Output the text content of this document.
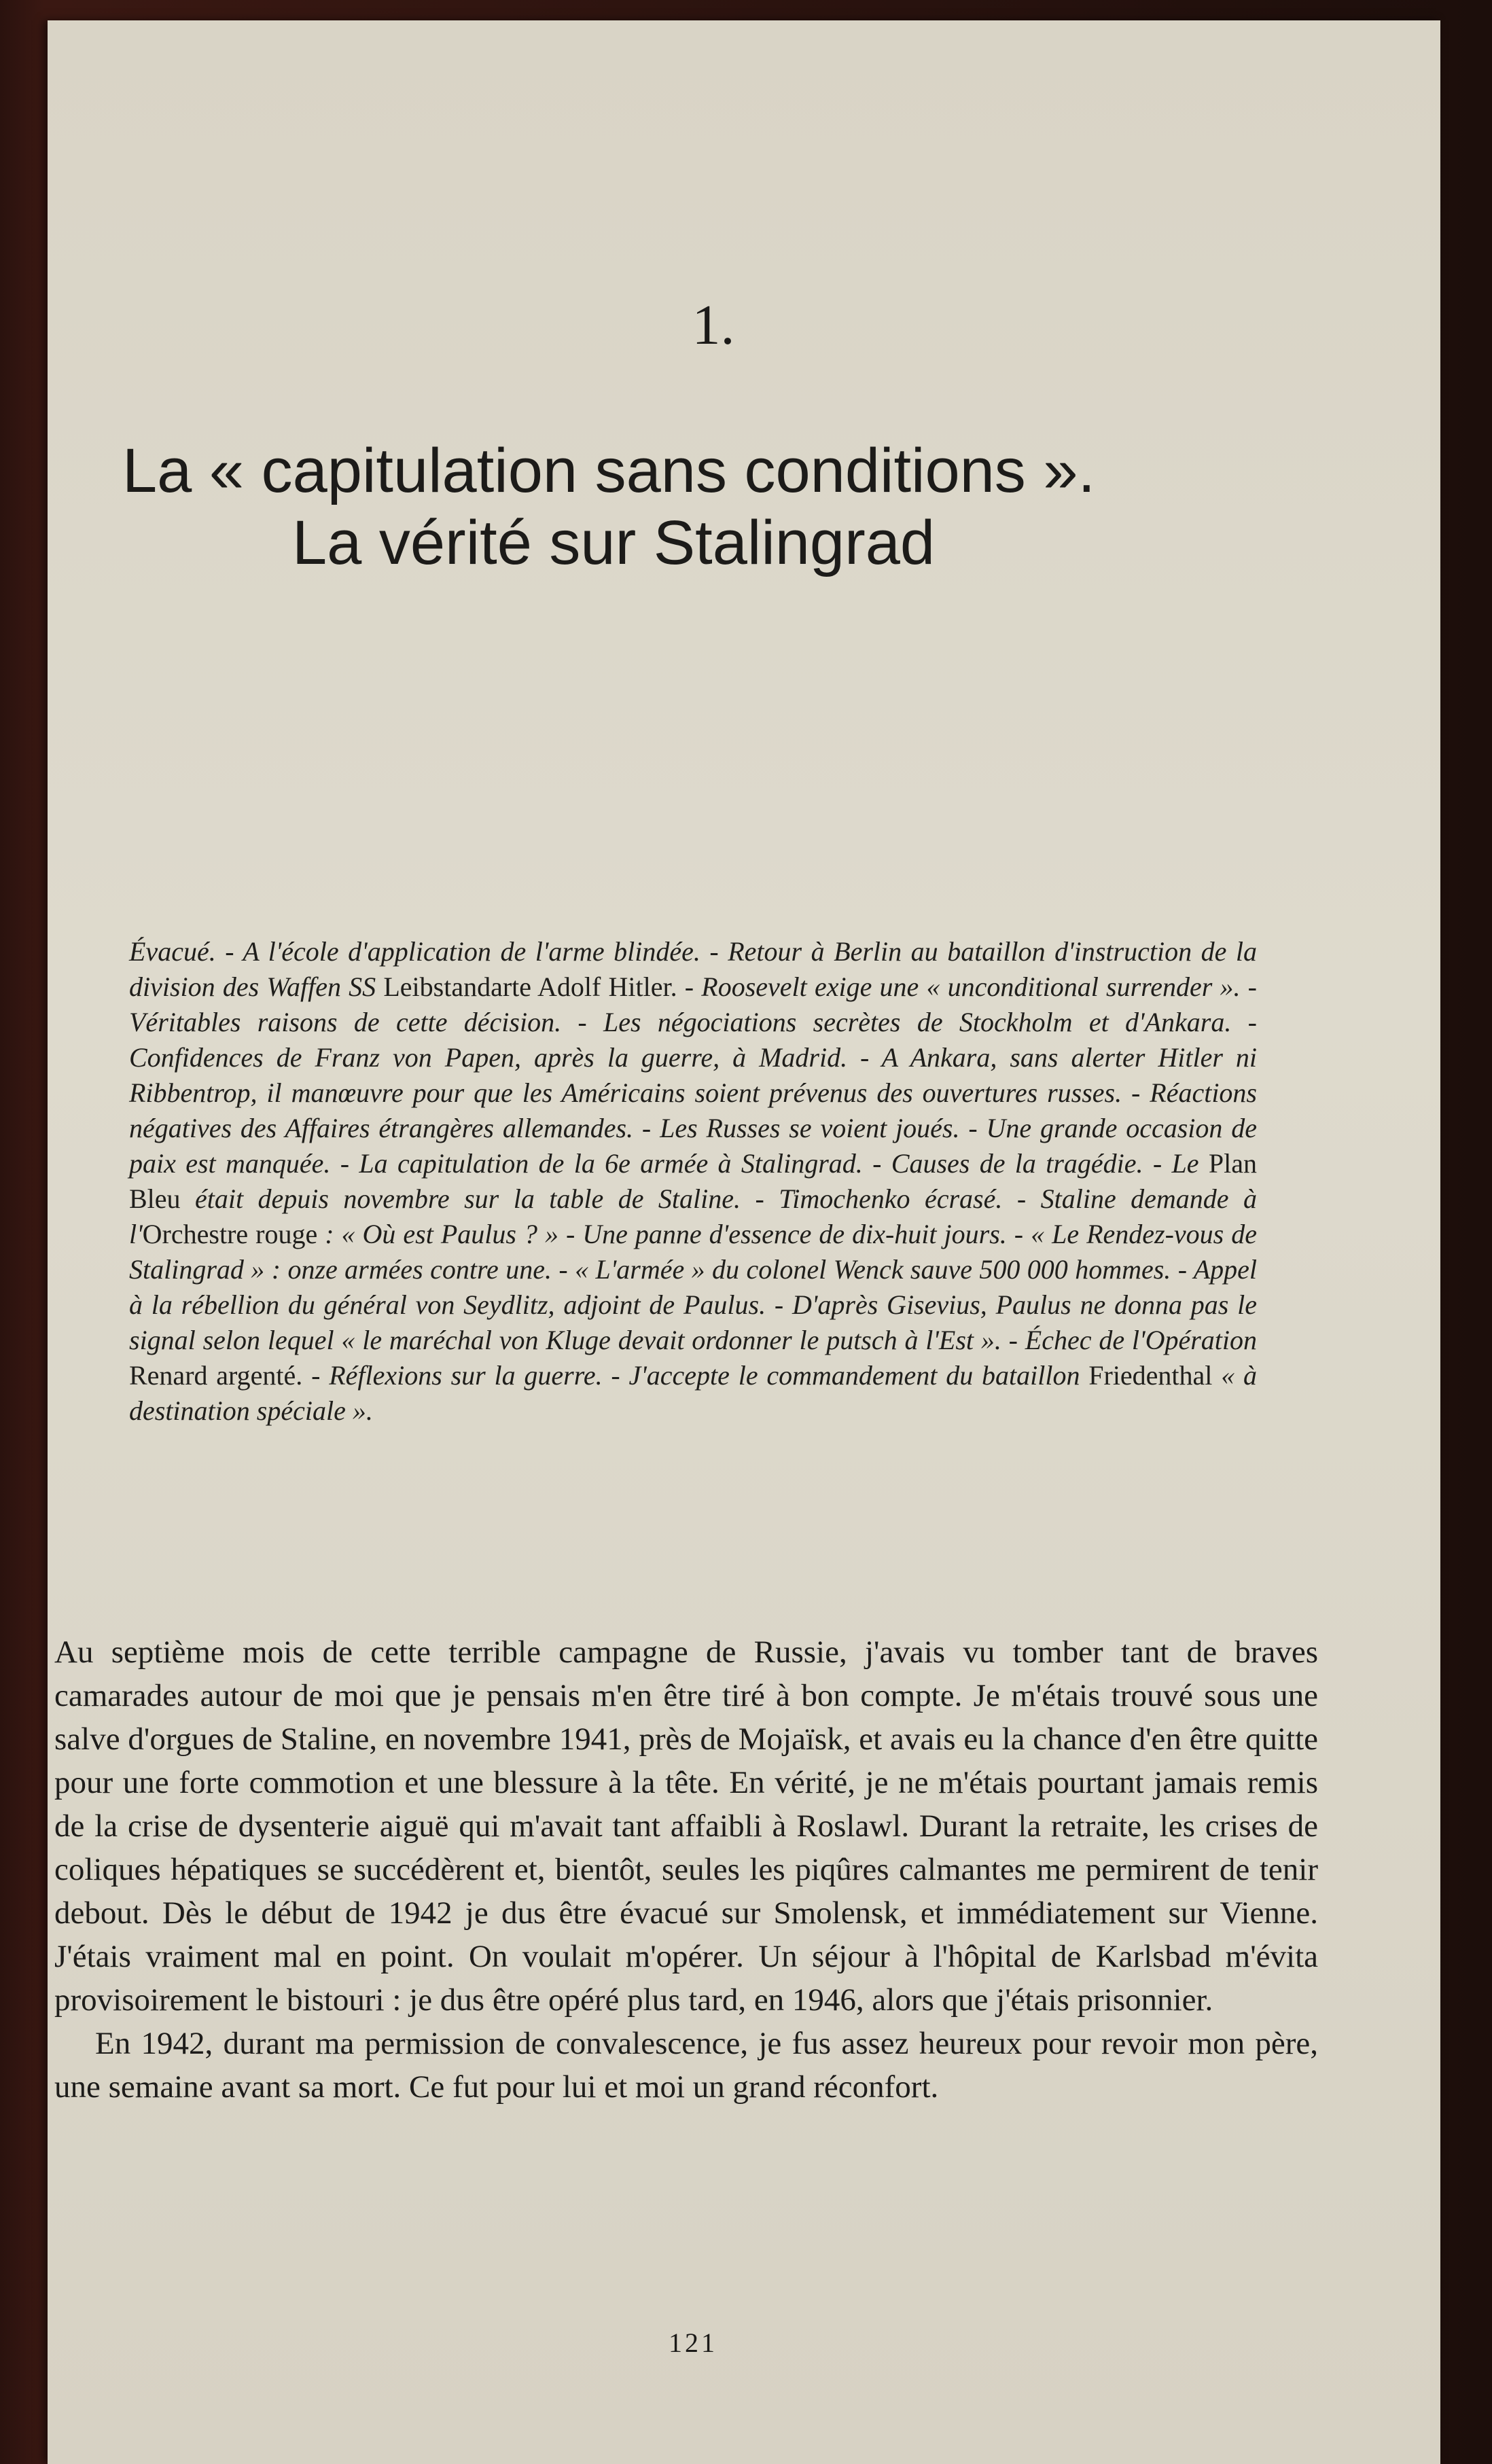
1.
La « capitulation sans conditions ».
La vérité sur Stalingrad

Évacué. - A l'école d'application de l'arme blindée. - Retour à Berlin au bataillon d'instruction de la division des Waffen SS Leibstandarte Adolf Hitler. - Roosevelt exige une « unconditional surrender ». - Véritables raisons de cette décision. - Les négociations secrètes de Stockholm et d'Ankara. - Confidences de Franz von Papen, après la guerre, à Madrid. - A Ankara, sans alerter Hitler ni Ribbentrop, il manœuvre pour que les Américains soient prévenus des ouvertures russes. - Réactions négatives des Affaires étrangères allemandes. - Les Russes se voient joués. - Une grande occasion de paix est manquée. - La capitulation de la 6e armée à Stalingrad. - Causes de la tragédie. - Le Plan Bleu était depuis novembre sur la table de Staline. - Timochenko écrasé. - Staline demande à l'Orchestre rouge : « Où est Paulus ? » - Une panne d'essence de dix-huit jours. - « Le Rendez-vous de Stalingrad » : onze armées contre une. - « L'armée » du colonel Wenck sauve 500 000 hommes. - Appel à la rébellion du général von Seydlitz, adjoint de Paulus. - D'après Gisevius, Paulus ne donna pas le signal selon lequel « le maréchal von Kluge devait ordonner le putsch à l'Est ». - Échec de l'Opération Renard argenté. - Réflexions sur la guerre. - J'accepte le commandement du bataillon Friedenthal « à destination spéciale ».

Au septième mois de cette terrible campagne de Russie, j'avais vu tomber tant de braves camarades autour de moi que je pensais m'en être tiré à bon compte. Je m'étais trouvé sous une salve d'orgues de Staline, en novembre 1941, près de Mojaïsk, et avais eu la chance d'en être quitte pour une forte commotion et une blessure à la tête. En vérité, je ne m'étais pourtant jamais remis de la crise de dysenterie aiguë qui m'avait tant affaibli à Roslawl. Durant la retraite, les crises de coliques hépatiques se succédèrent et, bientôt, seules les piqûres calmantes me permirent de tenir debout. Dès le début de 1942 je dus être évacué sur Smolensk, et immédiatement sur Vienne. J'étais vraiment mal en point. On voulait m'opérer. Un séjour à l'hôpital de Karlsbad m'évita provisoirement le bistouri : je dus être opéré plus tard, en 1946, alors que j'étais prisonnier.

En 1942, durant ma permission de convalescence, je fus assez heureux pour revoir mon père, une semaine avant sa mort. Ce fut pour lui et moi un grand réconfort.

121
